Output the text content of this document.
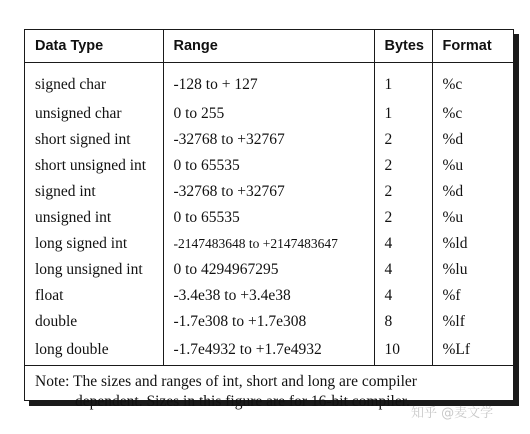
Data Type	Range	Bytes	Format
signed char	-128 to + 127	1	%c
unsigned char	0 to 255	1	%c
short signed int	-32768 to +32767	2	%d
short unsigned int	0 to 65535	2	%u
signed int	-32768 to +32767	2	%d
unsigned int	0 to 65535	2	%u
long signed int	-2147483648 to +2147483647	4	%ld
long unsigned int	0 to 4294967295	4	%lu
float	-3.4e38 to +3.4e38	4	%f
double	-1.7e308 to +1.7e308	8	%lf
long double	-1.7e4932 to +1.7e4932	10	%Lf
Note: The sizes and ranges of int, short and long are compiler
dependent. Sizes in this figure are for 16-bit compiler.			
知乎 @麦文学
